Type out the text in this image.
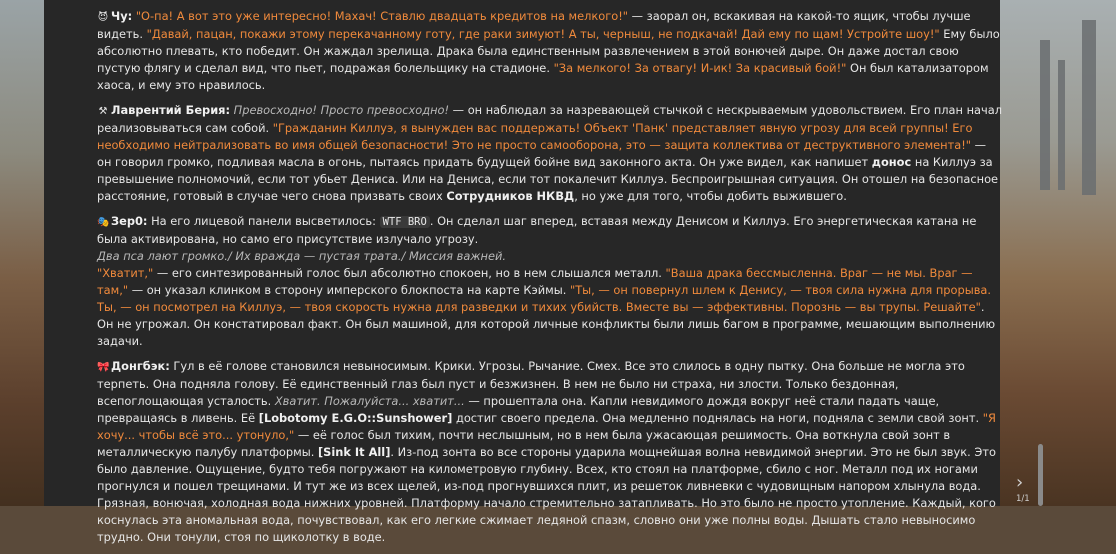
😈 Чу: "О-па! А вот это уже интересно! Махач! Ставлю двадцать кредитов на мелкого!" — заорал он, вскакивая на какой-то ящик, чтобы лучше видеть. "Давай, пацан, покажи этому перекачанному готу, где раки зимуют! А ты, черныш, не подкачай! Дай ему по щам! Устройте шоу!" Ему было абсолютно плевать, кто победит. Он жаждал зрелища. Драка была единственным развлечением в этой вонючей дыре. Он даже достал свою пустую флягу и сделал вид, что пьет, подражая болельщику на стадионе. "За мелкого! За отвагу! И-ик! За красивый бой!" Он был катализатором хаоса, и ему это нравилось.

⚒ Лаврентий Берия: Превосходно! Просто превосходно! — он наблюдал за назревающей стычкой с нескрываемым удовольствием. Его план начал реализовываться сам собой. "Гражданин Киллуэ, я вынужден вас поддержать! Объект 'Панк' представляет явную угрозу для всей группы! Его необходимо нейтрализовать во имя общей безопасности! Это не просто самооборона, это — защита коллектива от деструктивного элемента!" — он говорил громко, подливая масла в огонь, пытаясь придать будущей бойне вид законного акта. Он уже видел, как напишет донос на Киллуэ за превышение полномочий, если тот убьет Дениса. Или на Дениса, если тот покалечит Киллуэ. Беспроигрышная ситуация. Он отошел на безопасное расстояние, готовый в случае чего снова призвать своих Сотрудников НКВД, но уже для того, чтобы добить выжившего.

🎭 Зер0: На его лицевой панели высветилось: WTF BRO . Он сделал шаг вперед, вставая между Денисом и Киллуэ. Его энергетическая катана не была активирована, но само его присутствие излучало угрозу.

Два пса лают громко./ Их вражда — пустая трата./ Миссия важней.

"Хватит," — его синтезированный голос был абсолютно спокоен, но в нем слышался металл. "Ваша драка бессмысленна. Враг — не мы. Враг — там," — он указал клинком в сторону имперского блокпоста на карте Кэймы. "Ты, — он повернул шлем к Денису, — твоя сила нужна для прорыва. Ты, — он посмотрел на Киллуэ, — твоя скорость нужна для разведки и тихих убийств. Вместе вы — эффективны. Порознь — вы трупы. Решайте". Он не угрожал. Он констатировал факт. Он был машиной, для которой личные конфликты были лишь багом в программе, мешающим выполнению задачи.

🎀 Донгбэк: Гул в её голове становился невыносимым. Крики. Угрозы. Рычание. Смех. Все это слилось в одну пытку. Она больше не могла это терпеть. Она подняла голову. Её единственный глаз был пуст и безжизнен. В нем не было ни страха, ни злости. Только бездонная, всепоглощающая усталость. Хватит. Пожалуйста... хватит... — прошептала она. Капли невидимого дождя вокруг неё стали падать чаще, превращаясь в ливень. Её [Lobotomy E.G.O::Sunshower] достиг своего предела. Она медленно поднялась на ноги, подняла с земли свой зонт. "Я хочу... чтобы всё это... утонуло," — её голос был тихим, почти неслышным, но в нем была ужасающая решимость. Она воткнула свой зонт в металлическую палубу платформы. [Sink It All]. Из-под зонта во все стороны ударила мощнейшая волна невидимой энергии. Это не был звук. Это было давление. Ощущение, будто тебя погружают на километровую глубину. Всех, кто стоял на платформе, сбило с ног. Металл под их ногами прогнулся и пошел трещинами. И тут же из всех щелей, из-под прогнувшихся плит, из решеток ливневки с чудовищным напором хлынула вода. Грязная, вонючая, холодная вода нижних уровней. Платформу начало стремительно затапливать. Но это было не просто утопление. Каждый, кого коснулась эта аномальная вода, почувствовал, как его легкие сжимает ледяной спазм, словно они уже полны воды. Дышать стало невыносимо трудно. Они тонули, стоя по щиколотку в воде.

›
1/1
